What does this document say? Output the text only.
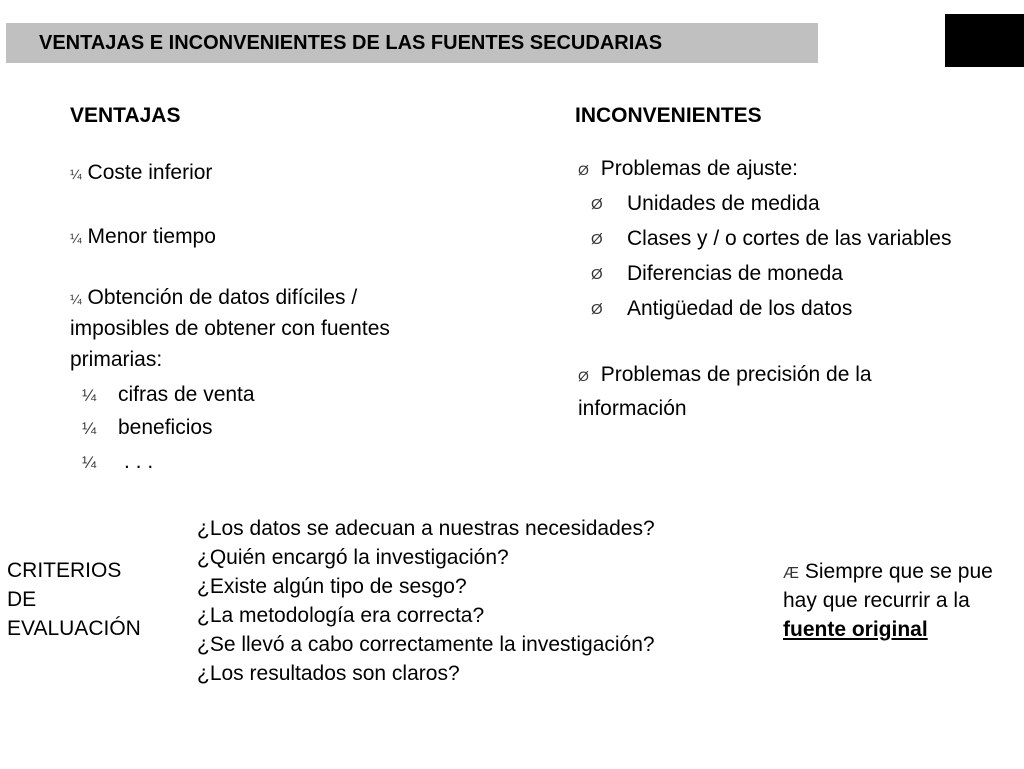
VENTAJAS E INCONVENIENTES DE LAS FUENTES SECUDARIAS
VENTAJAS
¼ Coste inferior
¼ Menor tiempo
¼ Obtención de datos difíciles /
imposibles de obtener con fuentes
primarias:
¼ cifras de venta
¼ beneficios
¼ . . .
INCONVENIENTES
Ø Problemas de ajuste:
Ø Unidades de medida
Ø Clases y / o cortes de las variables
Ø Diferencias de moneda
Ø Antigüedad de los datos
Ø Problemas de precisión de la
información
CRITERIOS
DE
EVALUACIÓN
¿Los datos se adecuan a nuestras necesidades?
¿Quién encargó la investigación?
¿Existe algún tipo de sesgo?
¿La metodología era correcta?
¿Se llevó a cabo correctamente la investigación?
¿Los resultados son claros?
Æ Siempre que se pue
hay que recurrir a la
fuente original
